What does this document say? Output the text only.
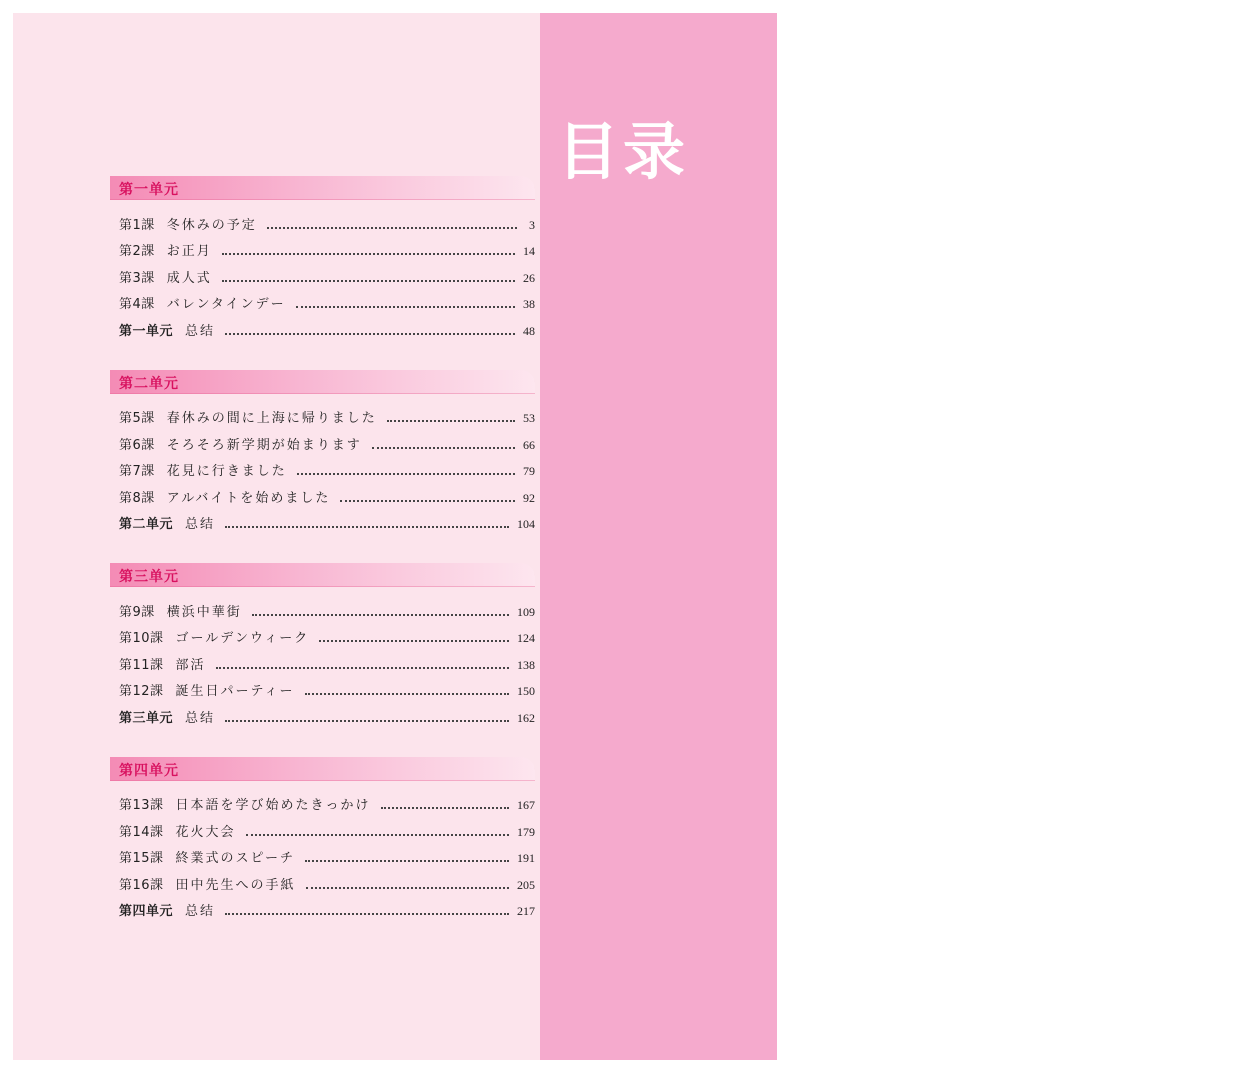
目录
1
第一单元
第1課 冬休みの予定	3
第2課 お正月	14
第3課 成人式	26
第4課 バレンタインデー	38
第一单元 总结	48
第二单元
第5課 春休みの間に上海に帰りました	53
第6課 そろそろ新学期が始まります	66
第7課 花見に行きました	79
第8課 アルバイトを始めました	92
第二单元 总结	104
第三单元
第9課 横浜中華街	109
第10課 ゴールデンウィーク	124
第11課 部活	138
第12課 誕生日パーティー	150
第三单元 总结	162
第四单元
第13課 日本語を学び始めたきっかけ	167
第14課 花火大会	179
第15課 終業式のスピーチ	191
第16課 田中先生への手紙	205
第四单元 总结	217
